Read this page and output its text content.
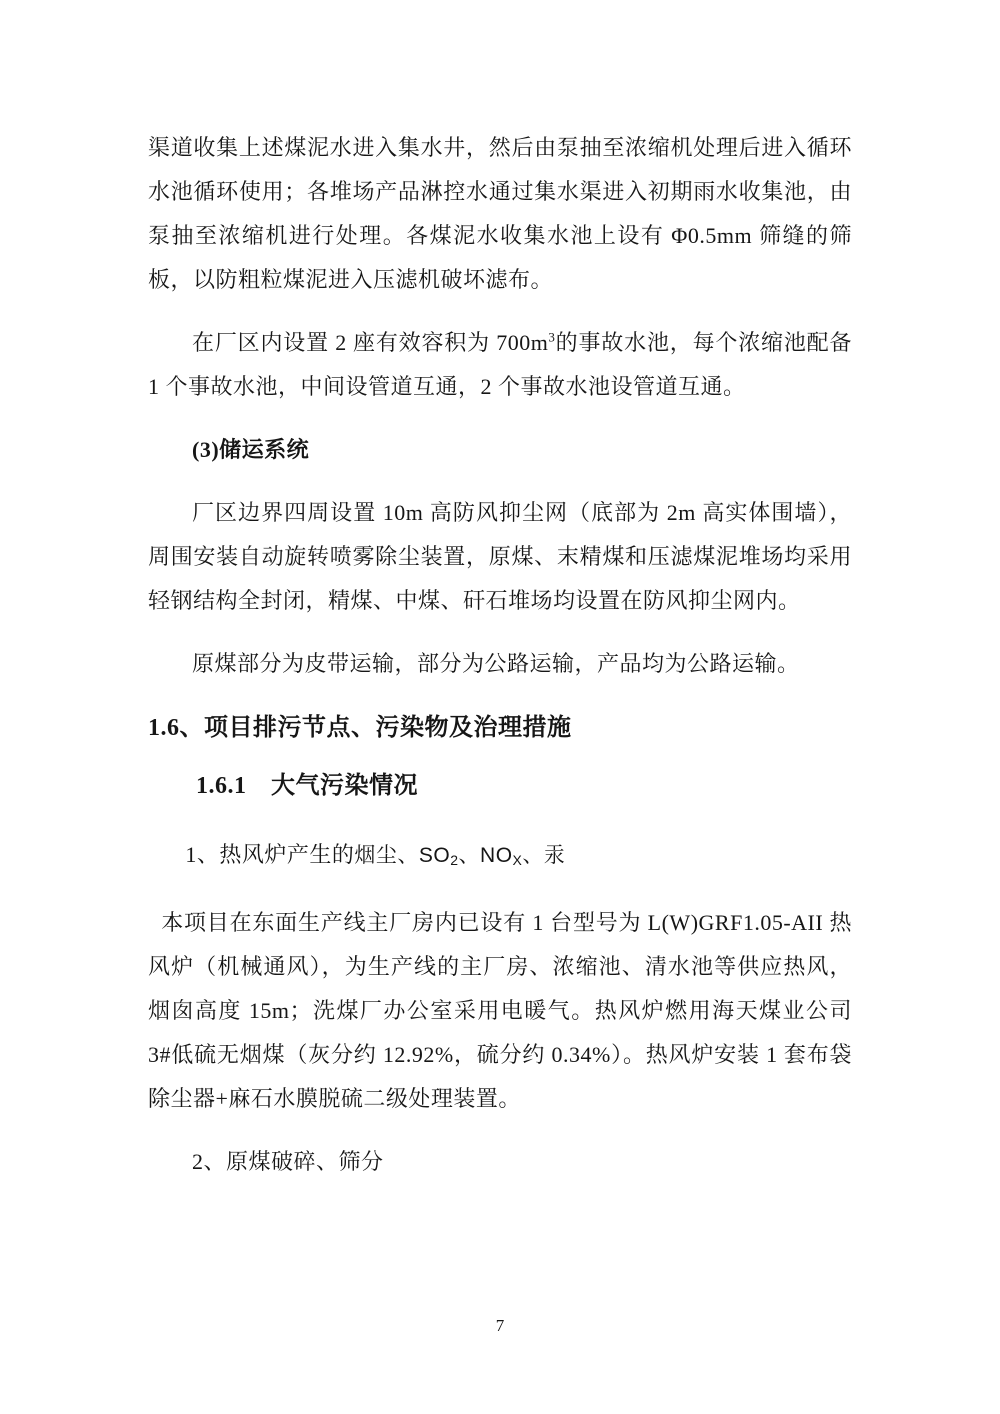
渠道收集上述煤泥水进入集水井，然后由泵抽至浓缩机处理后进入循环水池循环使用；各堆场产品淋控水通过集水渠进入初期雨水收集池，由泵抽至浓缩机进行处理。各煤泥水收集水池上设有 Φ0.5mm 筛缝的筛板，以防粗粒煤泥进入压滤机破坏滤布。

在厂区内设置 2 座有效容积为 $700m^3$的事故水池，每个浓缩池配备 1 个事故水池，中间设管道互通，2 个事故水池设管道互通。

(3)储运系统

厂区边界四周设置 10m 高防风抑尘网（底部为 2m 高实体围墙），周围安装自动旋转喷雾除尘装置，原煤、末精煤和压滤煤泥堆场均采用轻钢结构全封闭，精煤、中煤、矸石堆场均设置在防风抑尘网内。

原煤部分为皮带运输，部分为公路运输，产品均为公路运输。

1.6、项目排污节点、污染物及治理措施
1.6.1　大气污染情况

1、热风炉产生的烟尘、$SO_2$、$NO_X$、汞

本项目在东面生产线主厂房内已设有 1 台型号为 L(W)GRF1.05-AII 热风炉（机械通风），为生产线的主厂房、浓缩池、清水池等供应热风，烟囱高度 15m；洗煤厂办公室采用电暖气。热风炉燃用海天煤业公司 3#低硫无烟煤（灰分约 12.92%，硫分约 0.34%）。热风炉安装 1 套布袋除尘器+麻石水膜脱硫二级处理装置。

2、原煤破碎、筛分

7
